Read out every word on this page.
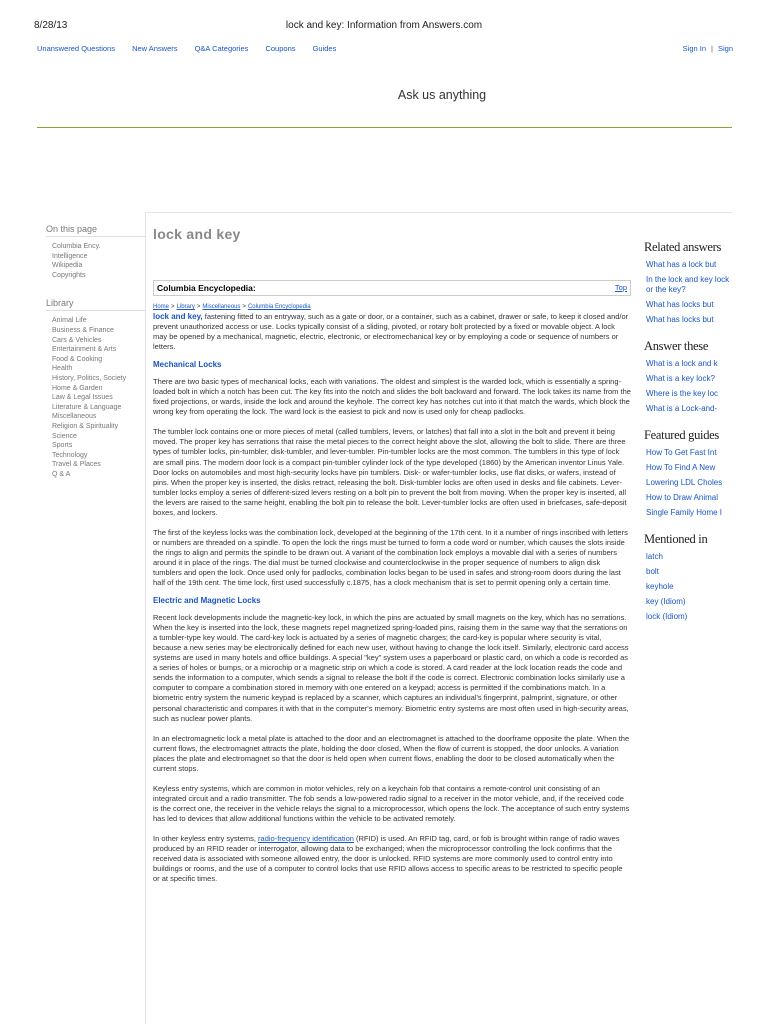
8/28/13	lock and key: Information from Answers.com
Unanswered Questions New Answers Q&A Categories Coupons Guides	Sign In | Sign
Ask us anything
On this page
Columbia Ency.
Intelligence
Wikipedia
Copyrights
Library
Animal Life
Business & Finance
Cars & Vehicles
Entertainment & Arts
Food & Cooking
Health
History, Politics, Society
Home & Garden
Law & Legal Issues
Literature & Language
Miscellaneous
Religion & Spirituality
Science
Sports
Technology
Travel & Places
Q & A
lock and key
Columbia Encyclopedia:	Top
Home > Library > Miscellaneous > Columbia Encyclopedia

lock and key, fastening fitted to an entryway, such as a gate or door, or a container, such as a cabinet, drawer or safe, to keep it closed and/or prevent unauthorized access or use. Locks typically consist of a sliding, pivoted, or rotary bolt protected by a fixed or movable object. A lock may be opened by a mechanical, magnetic, electric, electronic, or electromechanical key or by employing a code or sequence of numbers or letters.

Mechanical Locks

There are two basic types of mechanical locks, each with variations. The oldest and simplest is the warded lock, which is essentially a spring-loaded bolt in which a notch has been cut. The key fits into the notch and slides the bolt backward and forward. The lock takes its name from the fixed projections, or wards, inside the lock and around the keyhole. The correct key has notches cut into it that match the wards, which block the wrong key from operating the lock. The ward lock is the easiest to pick and now is used only for cheap padlocks.

The tumbler lock contains one or more pieces of metal (called tumblers, levers, or latches) that fall into a slot in the bolt and prevent it being moved. The proper key has serrations that raise the metal pieces to the correct height above the slot, allowing the bolt to slide. There are three types of tumbler locks, pin-tumbler, disk-tumbler, and lever-tumbler. Pin-tumbler locks are the most common. The tumblers in this type of lock are small pins. The modern door lock is a compact pin-tumbler cylinder lock of the type developed (1860) by the American inventor Linus Yale. Door locks on automobiles and most high-security locks have pin tumblers. Disk- or wafer-tumbler locks, use flat disks, or wafers, instead of pins. When the proper key is inserted, the disks retract, releasing the bolt. Disk-tumbler locks are often used in desks and file cabinets. Lever-tumbler locks employ a series of different-sized levers resting on a bolt pin to prevent the bolt from moving. When the proper key is inserted, all the levers are raised to the same height, enabling the bolt pin to release the bolt. Lever-tumbler locks are often used in briefcases, safe-deposit boxes, and lockers.

The first of the keyless locks was the combination lock, developed at the beginning of the 17th cent. In it a number of rings inscribed with letters or numbers are threaded on a spindle. To open the lock the rings must be turned to form a code word or number, which causes the slots inside the rings to align and permits the spindle to be drawn out. A variant of the combination lock employs a movable dial with a series of numbers around it in place of the rings. The dial must be turned clockwise and counterclockwise in the proper sequence of numbers to align disk tumblers and open the lock. Once used only for padlocks, combination locks began to be used in safes and strong-room doors during the last half of the 19th cent. The time lock, first used successfully c.1875, has a clock mechanism that is set to permit opening only a certain time.

Electric and Magnetic Locks

Recent lock developments include the magnetic-key lock, in which the pins are actuated by small magnets on the key, which has no serrations. When the key is inserted into the lock, these magnets repel magnetized spring-loaded pins, raising them in the same way that the serrations on a tumbler-type key would. The card-key lock is actuated by a series of magnetic charges; the card-key is popular where security is vital, because a new series may be electronically defined for each new user, without having to change the lock itself. Similarly, electronic card access systems are used in many hotels and office buildings. A special "key" system uses a paperboard or plastic card, on which a code is recorded as a series of holes or bumps, or a microchip or a magnetic strip on which a code is stored. A card reader at the lock location reads the code and sends the information to a computer, which sends a signal to release the bolt if the code is correct. Electronic combination locks similarly use a computer to compare a combination stored in memory with one entered on a keypad; access is permitted if the combinations match. In a biometric entry system the numeric keypad is replaced by a scanner, which captures an individual's fingerprint, palmprint, signature, or other personal characteristic and compares it with that in the computer's memory. Biometric entry systems are most often used in high-security areas, such as nuclear power plants.

In an electromagnetic lock a metal plate is attached to the door and an electromagnet is attached to the doorframe opposite the plate. When the current flows, the electromagnet attracts the plate, holding the door closed, When the flow of current is stopped, the door unlocks. A variation places the plate and electromagnet so that the door is held open when current flows, enabling the door to be closed automatically when the current stops.

Keyless entry systems, which are common in motor vehicles, rely on a keychain fob that contains a remote-control unit consisting of an integrated circuit and a radio transmitter. The fob sends a low-powered radio signal to a receiver in the motor vehicle, and, if the received code is the correct one, the receiver in the vehicle relays the signal to a microprocessor, which opens the lock. The acceptance of such entry systems has led to devices that allow additional functions within the vehicle to be activated remotely.

In other keyless entry systems, radio-frequency identification (RFID) is used. An RFID tag, card, or fob is brought within range of radio waves produced by an RFID reader or interrogator, allowing data to be exchanged; when the microprocessor controlling the lock confirms that the received data is associated with someone allowed entry, the door is unlocked. RFID systems are more commonly used to control entry into buildings or rooms, and the use of a computer to control locks that use RFID allows access to specific areas to be restricted to specific people or at specific times.

Related answers
What has a lock but
In the lock and key lock or the key?
What has locks but
What has locks but
Answer these
What is a lock and k
What is a key lock?
Where is the key loc
What is a Lock-and-
Featured guides
How To Get Fast Int
How To Find A New
Lowering LDL Choles
How to Draw Animal
Single Family Home I
Mentioned in
latch
bolt
keyhole
key (Idiom)
lock (Idiom)
